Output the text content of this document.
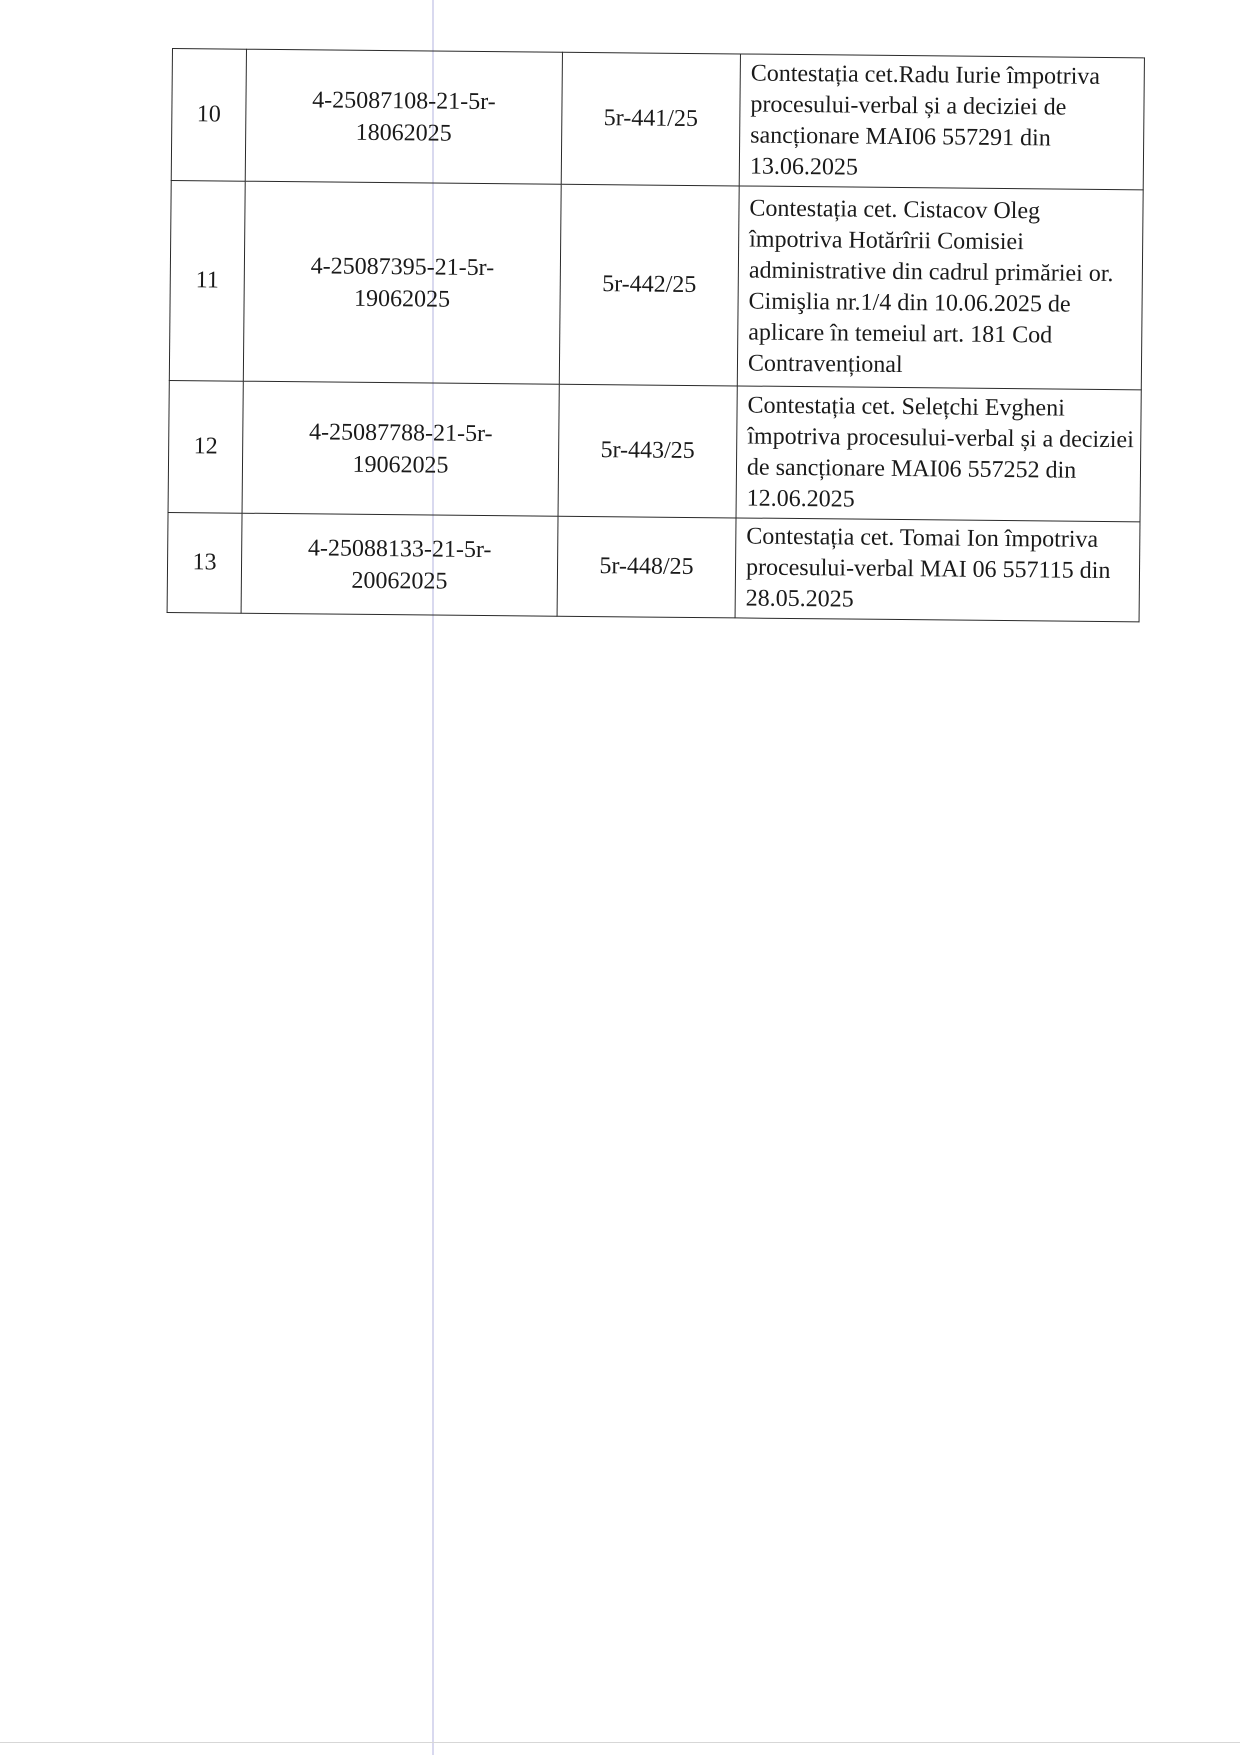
10	4-25087108-21-5r-18062025	5r-441/25	Contestația cet.Radu Iurie împotriva procesului-verbal și a deciziei de sancționare MAI06 557291 din 13.06.2025
11	4-25087395-21-5r-19062025	5r-442/25	Contestația cet. Cistacov Oleg împotriva Hotărîrii Comisiei administrative din cadrul primăriei or. Cimişlia nr.1/4 din 10.06.2025 de aplicare în temeiul art. 181 Cod Contravențional
12	4-25087788-21-5r-19062025	5r-443/25	Contestația cet. Selețchi Evgheni împotriva procesului-verbal și a deciziei de sancționare MAI06 557252 din 12.06.2025
13	4-25088133-21-5r-20062025	5r-448/25	Contestația cet. Tomai Ion împotriva procesului-verbal MAI 06 557115 din 28.05.2025
